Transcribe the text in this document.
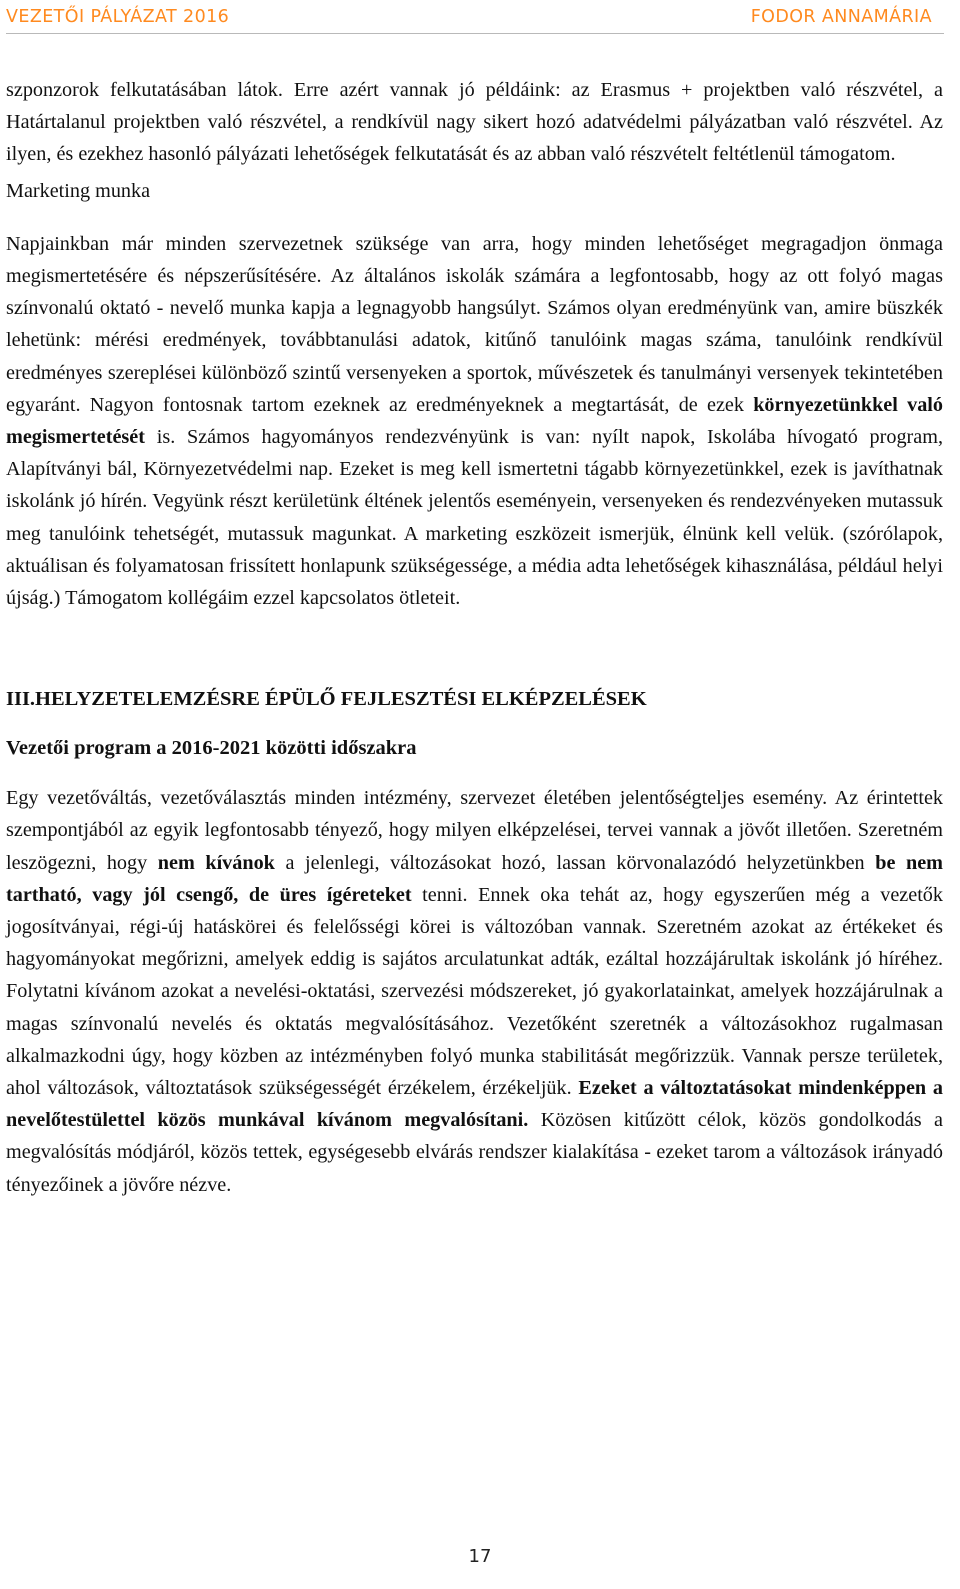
VEZETŐI PÁLYÁZAT 2016	FODOR ANNAMÁRIA

szponzorok felkutatásában látok. Erre azért vannak jó példáink: az Erasmus + projektben való részvétel, a Határtalanul projektben való részvétel, a rendkívül nagy sikert hozó adatvédelmi pályázatban való részvétel. Az ilyen, és ezekhez hasonló pályázati lehetőségek felkutatását és az abban való részvételt feltétlenül támogatom.

Marketing munka

Napjainkban már minden szervezetnek szüksége van arra, hogy minden lehetőséget megragadjon önmaga megismertetésére és népszerűsítésére. Az általános iskolák számára a legfontosabb, hogy az ott folyó magas színvonalú oktató - nevelő munka kapja a legnagyobb hangsúlyt. Számos olyan eredményünk van, amire büszkék lehetünk: mérési eredmények, továbbtanulási adatok, kitűnő tanulóink magas száma, tanulóink rendkívül eredményes szereplései különböző szintű versenyeken a sportok, művészetek és tanulmányi versenyek tekintetében egyaránt. Nagyon fontosnak tartom ezeknek az eredményeknek a megtartását, de ezek környezetünkkel való megismertetését is. Számos hagyományos rendezvényünk is van: nyílt napok, Iskolába hívogató program, Alapítványi bál, Környezetvédelmi nap. Ezeket is meg kell ismertetni tágabb környezetünkkel, ezek is javíthatnak iskolánk jó hírén. Vegyünk részt kerületünk éltének jelentős eseményein, versenyeken és rendezvényeken mutassuk meg tanulóink tehetségét, mutassuk magunkat. A marketing eszközeit ismerjük, élnünk kell velük. (szórólapok, aktuálisan és folyamatosan frissített honlapunk szükségessége, a média adta lehetőségek kihasználása, például helyi újság.) Támogatom kollégáim ezzel kapcsolatos ötleteit.

III.HELYZETELEMZÉSRE ÉPÜLŐ FEJLESZTÉSI ELKÉPZELÉSEK

Vezetői program a 2016-2021 közötti időszakra

Egy vezetőváltás, vezetőválasztás minden intézmény, szervezet életében jelentőségteljes esemény. Az érintettek szempontjából az egyik legfontosabb tényező, hogy milyen elképzelései, tervei vannak a jövőt illetően. Szeretném leszögezni, hogy nem kívánok a jelenlegi, változásokat hozó, lassan körvonalazódó helyzetünkben be nem tartható, vagy jól csengő, de üres ígéreteket tenni. Ennek oka tehát az, hogy egyszerűen még a vezetők jogosítványai, régi-új hatáskörei és felelősségi körei is változóban vannak. Szeretném azokat az értékeket és hagyományokat megőrizni, amelyek eddig is sajátos arculatunkat adták, ezáltal hozzájárultak iskolánk jó híréhez. Folytatni kívánom azokat a nevelési-oktatási, szervezési módszereket, jó gyakorlatainkat, amelyek hozzájárulnak a magas színvonalú nevelés és oktatás megvalósításához. Vezetőként szeretnék a változásokhoz rugalmasan alkalmazkodni úgy, hogy közben az intézményben folyó munka stabilitását megőrizzük. Vannak persze területek, ahol változások, változtatások szükségességét érzékelem, érzékeljük. Ezeket a változtatásokat mindenképpen a nevelőtestülettel közös munkával kívánom megvalósítani. Közösen kitűzött célok, közös gondolkodás a megvalósítás módjáról, közös tettek, egységesebb elvárás rendszer kialakítása - ezeket tarom a változások irányadó tényezőinek a jövőre nézve.

17
